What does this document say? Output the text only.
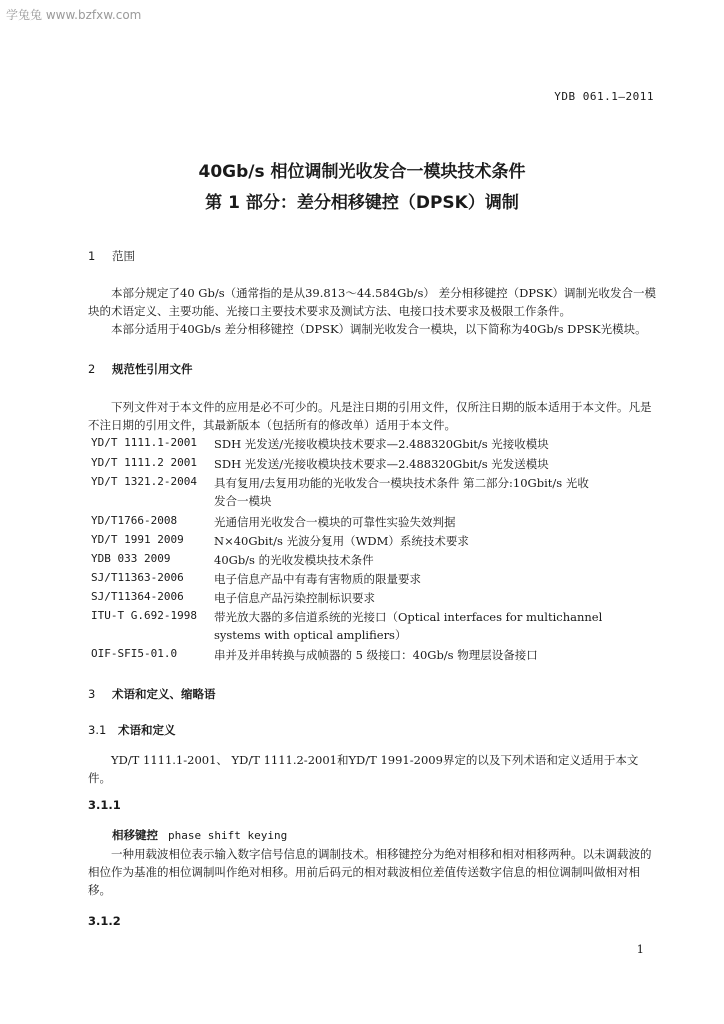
学兔兔 www.bzfxw.com
YDB 061.1—2011
40Gb/s 相位调制光收发合一模块技术条件
第 1 部分：差分相移键控（DPSK）调制
1 范围
本部分规定了40 Gb/s（通常指的是从39.813～44.584Gb/s） 差分相移键控（DPSK）调制光收发合一模块的术语定义、主要功能、光接口主要技术要求及测试方法、电接口技术要求及极限工作条件。
本部分适用于40Gb/s 差分相移键控（DPSK）调制光收发合一模块，以下简称为40Gb/s DPSK光模块。
2 规范性引用文件
下列文件对于本文件的应用是必不可少的。凡是注日期的引用文件，仅所注日期的版本适用于本文件。凡是不注日期的引用文件，其最新版本（包括所有的修改单）适用于本文件。
YD/T 1111.1-2001 SDH 光发送/光接收模块技术要求—2.488320Gbit/s 光接收模块
YD/T 1111.2 2001 SDH 光发送/光接收模块技术要求—2.488320Gbit/s 光发送模块
YD/T 1321.2-2004 具有复用/去复用功能的光收发合一模块技术条件 第二部分:10Gbit/s 光收
发合一模块
YD/T1766-2008	光通信用光收发合一模块的可靠性实验失效判据
YD/T 1991 2009	N×40Gbit/s 光波分复用（WDM）系统技术要求
YDB 033 2009	40Gb/s 的光收发模块技术条件
SJ/T11363-2006	电子信息产品中有毒有害物质的限量要求
SJ/T11364-2006	电子信息产品污染控制标识要求
ITU-T G.692-1998 带光放大器的多信道系统的光接口（Optical interfaces for multichannel
systems with optical amplifiers）
OIF-SFI5-01.0	串并及并串转换与成帧器的 5 级接口：40Gb/s 物理层设备接口
3 术语和定义、缩略语
3.1 术语和定义
YD/T 1111.1-2001、 YD/T 1111.2-2001和YD/T 1991-2009界定的以及下列术语和定义适用于本文件。
3.1.1
相移键控 phase shift keying
一种用载波相位表示输入数字信号信息的调制技术。相移键控分为绝对相移和相对相移两种。以未调载波的相位作为基准的相位调制叫作绝对相移。用前后码元的相对载波相位差值传送数字信息的相位调制叫做相对相移。
3.1.2
1
